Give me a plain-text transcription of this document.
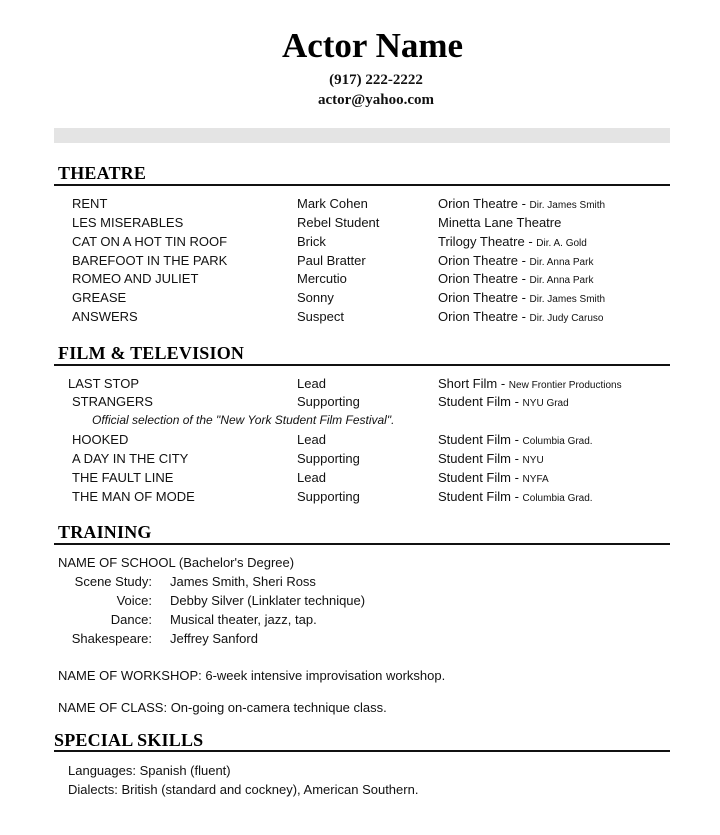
Actor Name
(917) 222-2222
actor@yahoo.com
THEATRE
RENT	Mark Cohen	Orion Theatre - Dir. James Smith
LES MISERABLES	Rebel Student	Minetta Lane Theatre
CAT ON A HOT TIN ROOF	Brick	Trilogy Theatre - Dir. A. Gold
BAREFOOT IN THE PARK	Paul Bratter	Orion Theatre - Dir. Anna Park
ROMEO AND JULIET	Mercutio	Orion Theatre - Dir. Anna Park
GREASE	Sonny	Orion Theatre - Dir. James Smith
ANSWERS	Suspect	Orion Theatre - Dir. Judy Caruso
FILM & TELEVISION
LAST STOP	Lead	Short Film - New Frontier Productions
STRANGERS	Supporting	Student Film - NYU Grad
Official selection of the "New York Student Film Festival".
HOOKED	Lead	Student Film - Columbia Grad.
A DAY IN THE CITY	Supporting	Student Film - NYU
THE FAULT LINE	Lead	Student Film - NYFA
THE MAN OF MODE	Supporting	Student Film - Columbia Grad.
TRAINING
NAME OF SCHOOL (Bachelor's Degree)
Scene Study: James Smith, Sheri Ross
Voice: Debby Silver (Linklater technique)
Dance: Musical theater, jazz, tap.
Shakespeare: Jeffrey Sanford
NAME OF WORKSHOP: 6-week intensive improvisation workshop.
NAME OF CLASS: On-going on-camera technique class.
SPECIAL SKILLS
Languages: Spanish (fluent)
Dialects: British (standard and cockney), American Southern.
